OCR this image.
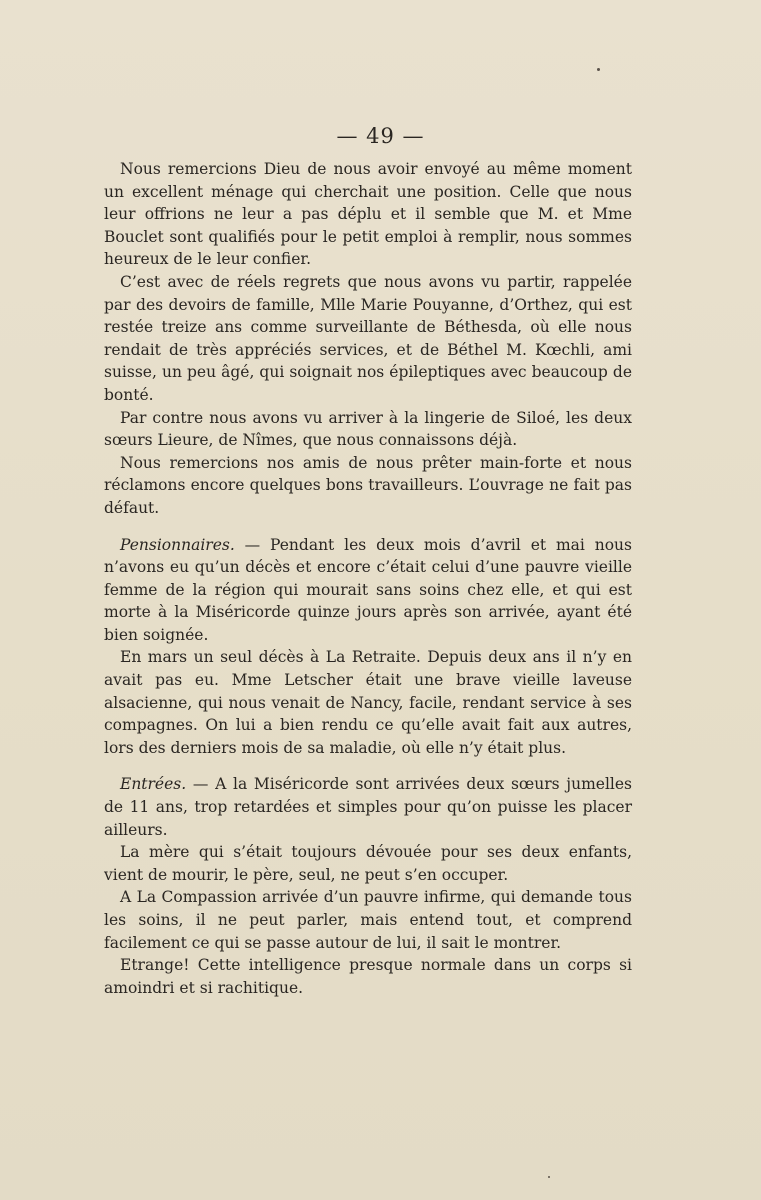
— 49 —

Nous remercions Dieu de nous avoir envoyé au même moment un excellent ménage qui cherchait une position. Celle que nous leur offrions ne leur a pas déplu et il semble que M. et Mme Bouclet sont qualifiés pour le petit emploi à remplir, nous sommes heureux de le leur confier.

C’est avec de réels regrets que nous avons vu partir, rappelée par des devoirs de famille, Mlle Marie Pouyanne, d’Orthez, qui est restée treize ans comme surveillante de Béthesda, où elle nous rendait de très appréciés services, et de Béthel M. Kœchli, ami suisse, un peu âgé, qui soignait nos épileptiques avec beaucoup de bonté.

Par contre nous avons vu arriver à la lingerie de Siloé, les deux sœurs Lieure, de Nîmes, que nous connaissons déjà.

Nous remercions nos amis de nous prêter main-forte et nous réclamons encore quelques bons travailleurs. L’ouvrage ne fait pas défaut.

Pensionnaires. — Pendant les deux mois d’avril et mai nous n’avons eu qu’un décès et encore c’était celui d’une pauvre vieille femme de la région qui mourait sans soins chez elle, et qui est morte à la Miséricorde quinze jours après son arrivée, ayant été bien soignée.

En mars un seul décès à La Retraite. Depuis deux ans il n’y en avait pas eu. Mme Letscher était une brave vieille laveuse alsacienne, qui nous venait de Nancy, facile, rendant service à ses compagnes. On lui a bien rendu ce qu’elle avait fait aux autres, lors des derniers mois de sa maladie, où elle n’y était plus.

Entrées. — A la Miséricorde sont arrivées deux sœurs jumelles de 11 ans, trop retardées et simples pour qu’on puisse les placer ailleurs.

La mère qui s’était toujours dévouée pour ses deux enfants, vient de mourir, le père, seul, ne peut s’en occuper.

A La Compassion arrivée d’un pauvre infirme, qui demande tous les soins, il ne peut parler, mais entend tout, et comprend facilement ce qui se passe autour de lui, il sait le montrer.

Etrange! Cette intelligence presque normale dans un corps si amoindri et si rachitique.
